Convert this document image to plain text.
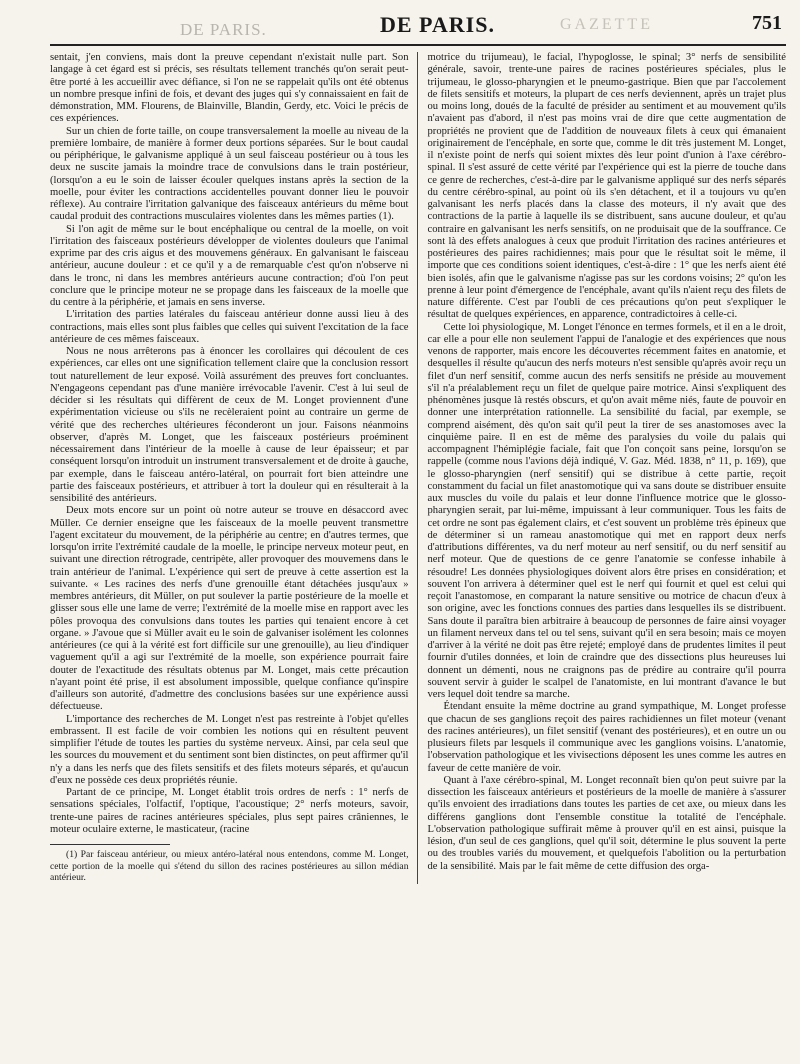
DE PARIS.	DE PARIS.	GAZETTE	751

sentait, j'en conviens, mais dont la preuve cependant n'existait nulle part. Son langage à cet égard est si précis, ses résultats tellement tranchés qu'on serait peut-être porté à les accueillir avec défiance, si l'on ne se rappelait qu'ils ont été obtenus un nombre presque infini de fois, et devant des juges qui s'y connaissaient en fait de démonstration, MM. Flourens, de Blainville, Blandin, Gerdy, etc. Voici le précis de ces expériences.

Sur un chien de forte taille, on coupe transversalement la moelle au niveau de la première lombaire, de manière à former deux portions séparées. Sur le bout caudal ou périphérique, le galvanisme appliqué à un seul faisceau postérieur ou à tous les deux ne suscite jamais la moindre trace de convulsions dans le train postérieur, (lorsqu'on a eu le soin de laisser écouler quelques instans après la section de la moelle, pour éviter les contractions accidentelles pouvant donner lieu le pouvoir réflexe). Au contraire l'irritation galvanique des faisceaux antérieurs du même bout caudal produit des contractions musculaires violentes dans les mêmes parties (1).

Si l'on agit de même sur le bout encéphalique ou central de la moelle, on voit l'irritation des faisceaux postérieurs développer de violentes douleurs que l'animal exprime par des cris aigus et des mouvemens généraux. En galvanisant le faisceau antérieur, aucune douleur : et ce qu'il y a de remarquable c'est qu'on n'observe ni dans le tronc, ni dans les membres antérieurs aucune contraction; d'où l'on peut conclure que le principe moteur ne se propage dans les faisceaux de la moelle que du centre à la périphérie, et jamais en sens inverse.

L'irritation des parties latérales du faisceau antérieur donne aussi lieu à des contractions, mais elles sont plus faibles que celles qui suivent l'excitation de la face antérieure de ces mêmes faisceaux.

Nous ne nous arrêterons pas à énoncer les corollaires qui découlent de ces expériences, car elles ont une signification tellement claire que la conclusion ressort tout naturellement de leur exposé. Voilà assurément des preuves fort concluantes. N'engageons cependant pas d'une manière irrévocable l'avenir. C'est à lui seul de décider si les résultats qui diffèrent de ceux de M. Longet proviennent d'une expérimentation vicieuse ou s'ils ne recèleraient point au contraire un germe de vérité que des recherches ultérieures féconderont un jour. Faisons néanmoins observer, d'après M. Longet, que les faisceaux postérieurs proéminent nécessairement dans l'intérieur de la moelle à cause de leur épaisseur; et par conséquent lorsqu'on introduit un instrument transversalement et de droite à gauche, par exemple, dans le faisceau antéro-latéral, on pourrait fort bien atteindre une partie des faisceaux postérieurs, et attribuer à tort la douleur qui en résulterait à la sensibilité des antérieurs.

Deux mots encore sur un point où notre auteur se trouve en désaccord avec Müller. Ce dernier enseigne que les faisceaux de la moelle peuvent transmettre l'agent excitateur du mouvement, de la périphérie au centre; en d'autres termes, que lorsqu'on irrite l'extrémité caudale de la moelle, le principe nerveux moteur peut, en suivant une direction rétrograde, centripète, aller provoquer des mouvemens dans le train antérieur de l'animal. L'expérience qui sert de preuve à cette assertion est la suivante. « Les racines des nerfs d'une grenouille étant détachées jusqu'aux » membres antérieurs, dit Müller, on put soulever la partie postérieure de la moelle et glisser sous elle une lame de verre; l'extrémité de la moelle mise en rapport avec les pôles provoqua des convulsions dans toutes les parties qui tenaient encore à cet organe. » J'avoue que si Müller avait eu le soin de galvaniser isolément les colonnes antérieures (ce qui à la vérité est fort difficile sur une grenouille), au lieu d'indiquer vaguement qu'il a agi sur l'extrémité de la moelle, son expérience pourrait faire douter de l'exactitude des résultats obtenus par M. Longet, mais cette précaution n'ayant point été prise, il est absolument impossible, quelque confiance qu'inspire d'ailleurs son autorité, d'admettre des conclusions basées sur une expérience aussi défectueuse.

L'importance des recherches de M. Longet n'est pas restreinte à l'objet qu'elles embrassent. Il est facile de voir combien les notions qui en résultent peuvent simplifier l'étude de toutes les parties du système nerveux. Ainsi, par cela seul que les sources du mouvement et du sentiment sont bien distinctes, on peut affirmer qu'il n'y a dans les nerfs que des filets sensitifs et des filets moteurs séparés, et qu'aucun d'eux ne possède ces deux propriétés réunie.

Partant de ce principe, M. Longet établit trois ordres de nerfs : 1° nerfs de sensations spéciales, l'olfactif, l'optique, l'acoustique; 2° nerfs moteurs, savoir, trente-une paires de racines antérieures spéciales, plus sept paires crâniennes, le moteur oculaire externe, le masticateur, (racine

(1) Par faisceau antérieur, ou mieux antéro-latéral nous entendons, comme M. Longet, cette portion de la moelle qui s'étend du sillon des racines postérieures au sillon médian antérieur.

motrice du trijumeau), le facial, l'hypoglosse, le spinal; 3° nerfs de sensibilité générale, savoir, trente-une paires de racines postérieures spéciales, plus le trijumeau, le glosso-pharyngien et le pneumo-gastrique. Bien que par l'accolement de filets sensitifs et moteurs, la plupart de ces nerfs deviennent, après un trajet plus ou moins long, doués de la faculté de présider au sentiment et au mouvement qu'ils n'avaient pas d'abord, il n'est pas moins vrai de dire que cette augmentation de propriétés ne provient que de l'addition de nouveaux filets à ceux qui émanaient originairement de l'encéphale, en sorte que, comme le dit très justement M. Longet, il n'existe point de nerfs qui soient mixtes dès leur point d'union à l'axe cérébro-spinal. Il s'est assuré de cette vérité par l'expérience qui est la pierre de touche dans ce genre de recherches, c'est-à-dire par le galvanisme appliqué sur des nerfs séparés du centre cérébro-spinal, au point où ils s'en détachent, et il a toujours vu qu'en galvanisant les nerfs placés dans la classe des moteurs, il n'y avait que des contractions de la partie à laquelle ils se distribuent, sans aucune douleur, et qu'au contraire en galvanisant les nerfs sensitifs, on ne produisait que de la souffrance. Ce sont là des effets analogues à ceux que produit l'irritation des racines antérieures et postérieures des paires rachidiennes; mais pour que le résultat soit le même, il importe que ces conditions soient identiques, c'est-à-dire : 1° que les nerfs aient été bien isolés, afin que le galvanisme n'agisse pas sur les cordons voisins; 2° qu'on les prenne à leur point d'émergence de l'encéphale, avant qu'ils n'aient reçu des filets de nature différente. C'est par l'oubli de ces précautions qu'on peut s'expliquer le résultat de quelques expériences, en apparence, contradictoires à celle-ci.

Cette loi physiologique, M. Longet l'énonce en termes formels, et il en a le droit, car elle a pour elle non seulement l'appui de l'analogie et des expériences que nous venons de rapporter, mais encore les découvertes récemment faites en anatomie, et desquelles il résulte qu'aucun des nerfs moteurs n'est sensible qu'après avoir reçu un filet d'un nerf sensitif, comme aucun des nerfs sensitifs ne préside au mouvement s'il n'a préalablement reçu un filet de quelque paire motrice. Ainsi s'expliquent des phénomènes jusque là restés obscurs, et qu'on avait même niés, faute de pouvoir en donner une interprétation rationnelle. La sensibilité du facial, par exemple, se comprend aisément, dès qu'on sait qu'il peut la tirer de ses anastomoses avec la cinquième paire. Il en est de même des paralysies du voile du palais qui accompagnent l'hémiplégie faciale, fait que l'on conçoit sans peine, lorsqu'on se rappelle (comme nous l'avions déjà indiqué, V. Gaz. Méd. 1838, n° 11, p. 169), que le glosso-pharyngien (nerf sensitif) qui se distribue à cette partie, reçoit constamment du facial un filet anastomotique qui va sans doute se distribuer ensuite aux muscles du voile du palais et leur donne l'influence motrice que le glosso-pharyngien serait, par lui-même, impuissant à leur communiquer. Tous les faits de cet ordre ne sont pas également clairs, et c'est souvent un problème très épineux que de déterminer si un rameau anastomotique qui met en rapport deux nerfs d'attributions différentes, va du nerf moteur au nerf sensitif, ou du nerf sensitif au nerf moteur. Que de questions de ce genre l'anatomie se confesse inhabile à résoudre! Les données physiologiques doivent alors être prises en considération; et souvent l'on arrivera à déterminer quel est le nerf qui fournit et quel est celui qui reçoit l'anastomose, en comparant la nature sensitive ou motrice de chacun d'eux à son origine, avec les fonctions connues des parties dans lesquelles ils se distribuent. Sans doute il paraîtra bien arbitraire à beaucoup de personnes de faire ainsi voyager un filament nerveux dans tel ou tel sens, suivant qu'il en sera besoin; mais ce moyen d'arriver à la vérité ne doit pas être rejeté; employé dans de prudentes limites il peut fournir d'utiles données, et loin de craindre que des dissections plus heureuses lui donnent un démenti, nous ne craignons pas de prédire au contraire qu'il pourra souvent servir à guider le scalpel de l'anatomiste, en lui montrant d'avance le but vers lequel doit tendre sa marche.

Étendant ensuite la même doctrine au grand sympathique, M. Longet professe que chacun de ses ganglions reçoit des paires rachidiennes un filet moteur (venant des racines antérieures), un filet sensitif (venant des postérieures), et en outre un ou plusieurs filets par lesquels il communique avec les ganglions voisins. L'anatomie, l'observation pathologique et les vivisections déposent les unes comme les autres en faveur de cette manière de voir.

Quant à l'axe cérébro-spinal, M. Longet reconnaît bien qu'on peut suivre par la dissection les faisceaux antérieurs et postérieurs de la moelle de manière à s'assurer qu'ils envoient des irradiations dans toutes les parties de cet axe, ou mieux dans les différens ganglions dont l'ensemble constitue la totalité de l'encéphale. L'observation pathologique suffirait même à prouver qu'il en est ainsi, puisque la lésion, d'un seul de ces ganglions, quel qu'il soit, détermine le plus souvent la perte ou des troubles variés du mouvement, et quelquefois l'abolition ou la perturbation de la sensibilité. Mais par le fait même de cette diffusion des orga-
